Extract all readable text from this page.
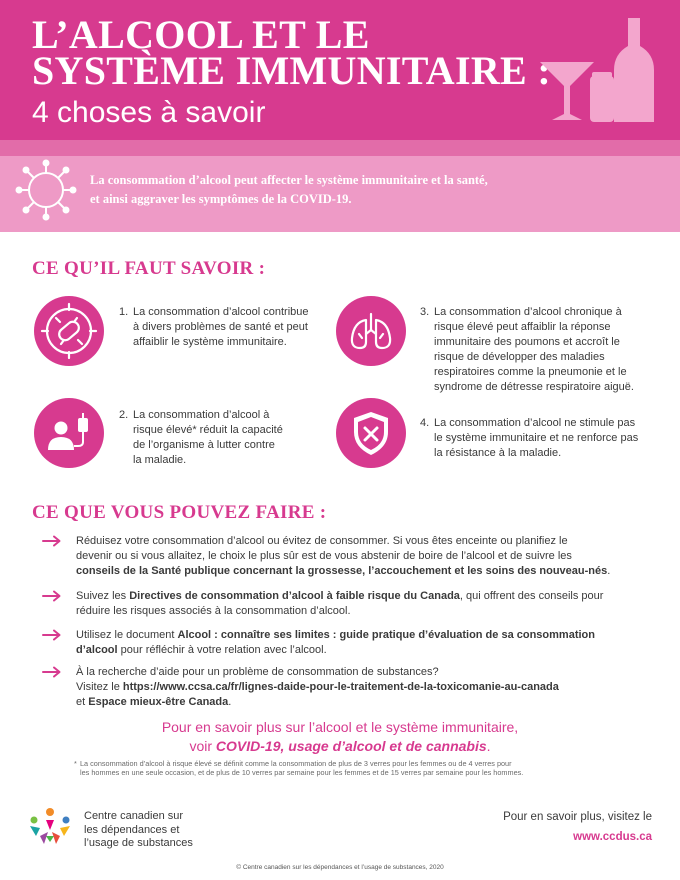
L’ALCOOL ET LE
SYSTÈME IMMUNITAIRE :
4 choses à savoir
La consommation d’alcool peut affecter le système immunitaire et la santé,
et ainsi aggraver les symptômes de la COVID-19.
CE QU’IL FAUT SAVOIR :
1. La consommation d’alcool contribue
à divers problèmes de santé et peut
affaiblir le système immunitaire.
2. La consommation d’alcool à
risque élevé* réduit la capacité
de l’organisme à lutter contre
la maladie.
3. La consommation d’alcool chronique à
risque élevé peut affaiblir la réponse
immunitaire des poumons et accroît le
risque de développer des maladies
respiratoires comme la pneumonie et le
syndrome de détresse respiratoire aiguë.
4. La consommation d’alcool ne stimule pas
le système immunitaire et ne renforce pas
la résistance à la maladie.
CE QUE VOUS POUVEZ FAIRE :
Réduisez votre consommation d’alcool ou évitez de consommer. Si vous êtes enceinte ou planifiez le
devenir ou si vous allaitez, le choix le plus sûr est de vous abstenir de boire de l’alcool et de suivre les
conseils de la Santé publique concernant la grossesse, l’accouchement et les soins des nouveau-nés.
Suivez les Directives de consommation d’alcool à faible risque du Canada, qui offrent des conseils pour
réduire les risques associés à la consommation d’alcool.
Utilisez le document Alcool : connaître ses limites : guide pratique d’évaluation de sa consommation
d’alcool pour réfléchir à votre relation avec l’alcool.
À la recherche d’aide pour un problème de consommation de substances?
Visitez le https://www.ccsa.ca/fr/lignes-daide-pour-le-traitement-de-la-toxicomanie-au-canada
et Espace mieux-être Canada.
Pour en savoir plus sur l’alcool et le système immunitaire,
voir COVID-19, usage d’alcool et de cannabis.
* La consommation d’alcool à risque élevé se définit comme la consommation de plus de 3 verres pour les femmes ou de 4 verres pour
les hommes en une seule occasion, et de plus de 10 verres par semaine pour les femmes et de 15 verres par semaine pour les hommes.
Centre canadien sur
les dépendances et
l’usage de substances
Pour en savoir plus, visitez le
www.ccdus.ca
© Centre canadien sur les dépendances et l’usage de substances, 2020
